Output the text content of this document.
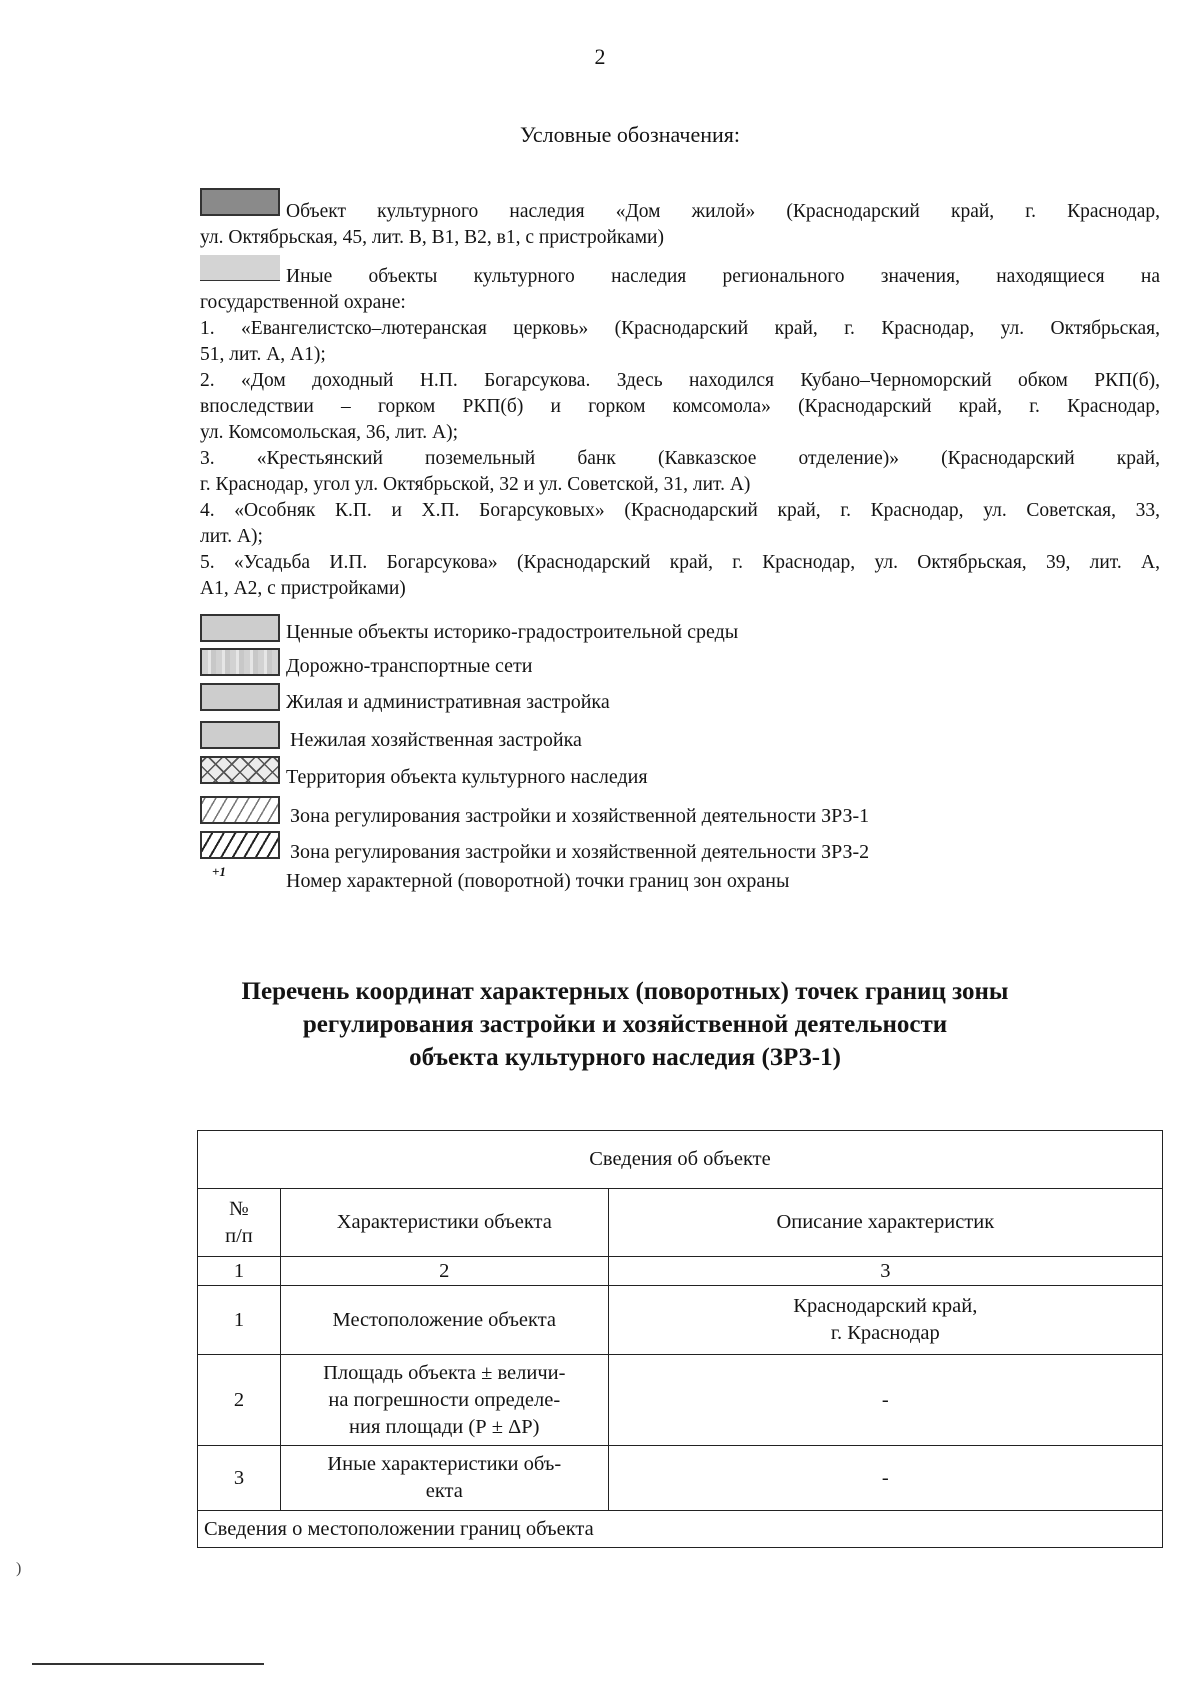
2
Условные обозначения:
Объект культурного наследия «Дом жилой» (Краснодарский край, г. Краснодар,
ул. Октябрьская, 45, лит. В, В1, В2, в1, с пристройками)
Иные объекты культурного наследия регионального значения, находящиеся на
государственной охране:
1. «Евангелистско–лютеранская церковь» (Краснодарский край, г. Краснодар, ул. Октябрьская,
51, лит. А, А1);
2. «Дом доходный Н.П. Богарсукова. Здесь находился Кубано–Черноморский обком РКП(б),
впоследствии – горком РКП(б) и горком комсомола» (Краснодарский край, г. Краснодар,
ул. Комсомольская, 36, лит. А);
3. «Крестьянский поземельный банк (Кавказское отделение)» (Краснодарский край,
г. Краснодар, угол ул. Октябрьской, 32 и ул. Советской, 31, лит. А)
4. «Особняк К.П. и Х.П. Богарсуковых» (Краснодарский край, г. Краснодар, ул. Советская, 33,
лит. А);
5. «Усадьба И.П. Богарсукова» (Краснодарский край, г. Краснодар, ул. Октябрьская, 39, лит. А,
А1, А2, с пристройками)
Ценные объекты историко-градостроительной среды
Дорожно-транспортные сети
Жилая и административная застройка
Нежилая хозяйственная застройка
Территория объекта культурного наследия
Зона регулирования застройки и хозяйственной деятельности ЗРЗ-1
Зона регулирования застройки и хозяйственной деятельности ЗРЗ-2
+1	Номер характерной (поворотной) точки границ зон охраны
Перечень координат характерных (поворотных) точек границ зоны
регулирования застройки и хозяйственной деятельности
объекта культурного наследия (ЗРЗ-1)
Сведения об объекте		

№
п/п	Характеристики объекта	Описание характеристик
1	2	3
1	Местоположение объекта	Краснодарский край,
г. Краснодар

2	Площадь объекта ± величи-
на погрешности определе-
ния площади (Р ± ΔР)	-

3	Иные характеристики объ-
екта	-

Сведения о местоположении границ объекта		
)
